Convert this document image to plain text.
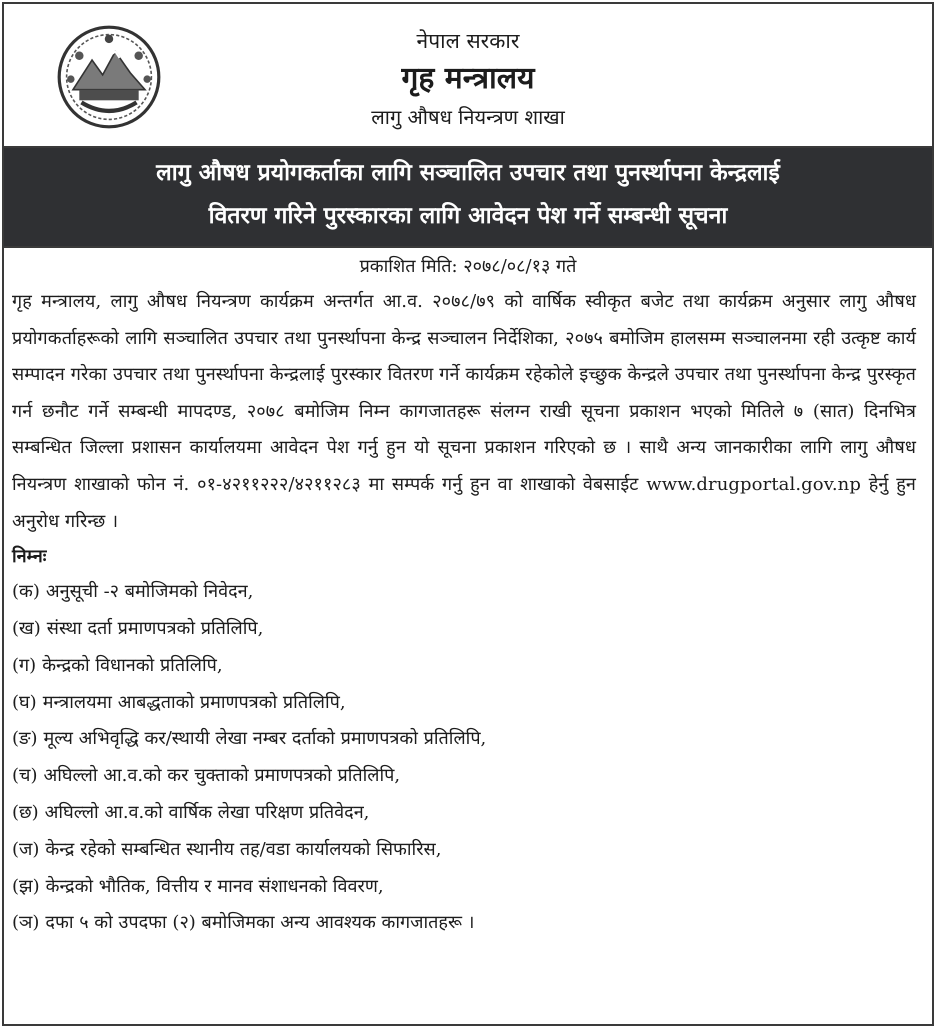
नेपाल सरकार
गृह मन्त्रालय
लागु औषध नियन्त्रण शाखा
लागु औषध प्रयोगकर्ताका लागि सञ्चालित उपचार तथा पुनर्स्थापना केन्द्रलाई
वितरण गरिने पुरस्कारका लागि आवेदन पेश गर्ने सम्बन्धी सूचना
प्रकाशित मिति: २०७८/०८/१३ गते
गृह मन्त्रालय, लागु औषध नियन्त्रण कार्यक्रम अन्तर्गत आ.व. २०७८/७९ को वार्षिक स्वीकृत बजेट तथा कार्यक्रम अनुसार लागु औषध प्रयोगकर्ताहरूको लागि सञ्चालित उपचार तथा पुनर्स्थापना केन्द्र सञ्चालन निर्देशिका, २०७५ बमोजिम हालसम्म सञ्चालनमा रही उत्कृष्ट कार्य सम्पादन गरेका उपचार तथा पुनर्स्थापना केन्द्रलाई पुरस्कार वितरण गर्ने कार्यक्रम रहेकोले इच्छुक केन्द्रले उपचार तथा पुनर्स्थापना केन्द्र पुरस्कृत गर्न छनौट गर्ने सम्बन्धी मापदण्ड, २०७८ बमोजिम निम्न कागजातहरू संलग्न राखी सूचना प्रकाशन भएको मितिले ७ (सात) दिनभित्र सम्बन्धित जिल्ला प्रशासन कार्यालयमा आवेदन पेश गर्नु हुन यो सूचना प्रकाशन गरिएको छ । साथै अन्य जानकारीका लागि लागु औषध नियन्त्रण शाखाको फोन नं. ०१-४२११२२२/४२११२८३ मा सम्पर्क गर्नु हुन वा शाखाको वेबसाईट www.drugportal.gov.np हेर्नु हुन अनुरोध गरिन्छ ।
निम्नः
(क) अनुसूची -२ बमोजिमको निवेदन,
(ख) संस्था दर्ता प्रमाणपत्रको प्रतिलिपि,
(ग) केन्द्रको विधानको प्रतिलिपि,
(घ) मन्त्रालयमा आबद्धताको प्रमाणपत्रको प्रतिलिपि,
(ङ) मूल्य अभिवृद्धि कर/स्थायी लेखा नम्बर दर्ताको प्रमाणपत्रको प्रतिलिपि,
(च) अघिल्लो आ.व.को कर चुक्ताको प्रमाणपत्रको प्रतिलिपि,
(छ) अघिल्लो आ.व.को वार्षिक लेखा परिक्षण प्रतिवेदन,
(ज) केन्द्र रहेको सम्बन्धित स्थानीय तह/वडा कार्यालयको सिफारिस,
(झ) केन्द्रको भौतिक, वित्तीय र मानव संशाधनको विवरण,
(ञ) दफा ५ को उपदफा (२) बमोजिमका अन्य आवश्यक कागजातहरू ।
